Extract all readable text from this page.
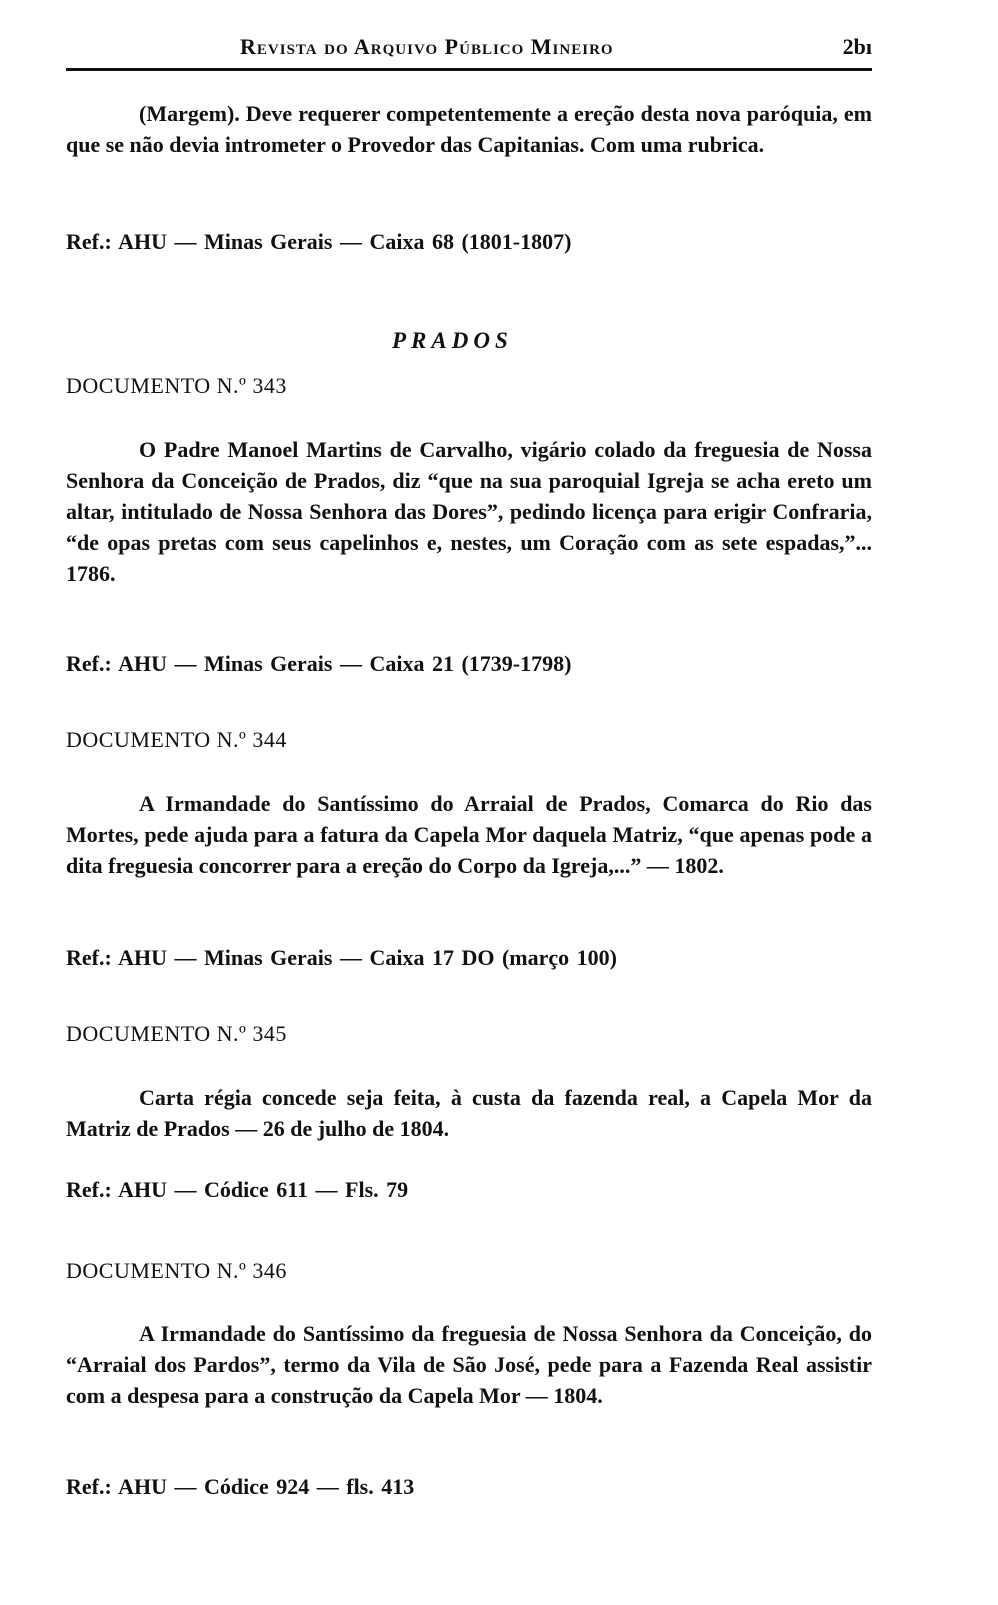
Revista do Arquivo Público Mineiro	2bı

(Margem). Deve requerer competentemente a ereção desta nova paróquia, em que se não devia intrometer o Provedor das Capitanias. Com uma rubrica.

Ref.: AHU — Minas Gerais — Caixa 68 (1801-1807)
PRADOS
DOCUMENTO N.º 343

O Padre Manoel Martins de Carvalho, vigário colado da freguesia de Nossa Senhora da Conceição de Prados, diz “que na sua paroquial Igreja se acha ereto um altar, intitulado de Nossa Senhora das Dores”, pedindo licença para erigir Confraria, “de opas pretas com seus capelinhos e, nestes, um Coração com as sete espadas,”... 1786.

Ref.: AHU — Minas Gerais — Caixa 21 (1739-1798)
DOCUMENTO N.º 344

A Irmandade do Santíssimo do Arraial de Prados, Comarca do Rio das Mortes, pede ajuda para a fatura da Capela Mor daquela Matriz, “que apenas pode a dita freguesia concorrer para a ereção do Corpo da Igreja,...” — 1802.

Ref.: AHU — Minas Gerais — Caixa 17 DO (março 100)
DOCUMENTO N.º 345

Carta régia concede seja feita, à custa da fazenda real, a Capela Mor da Matriz de Prados — 26 de julho de 1804.

Ref.: AHU — Códice 611 — Fls. 79
DOCUMENTO N.º 346

A Irmandade do Santíssimo da freguesia de Nossa Senhora da Conceição, do “Arraial dos Pardos”, termo da Vila de São José, pede para a Fazenda Real assistir com a despesa para a construção da Capela Mor — 1804.

Ref.: AHU — Códice 924 — fls. 413
